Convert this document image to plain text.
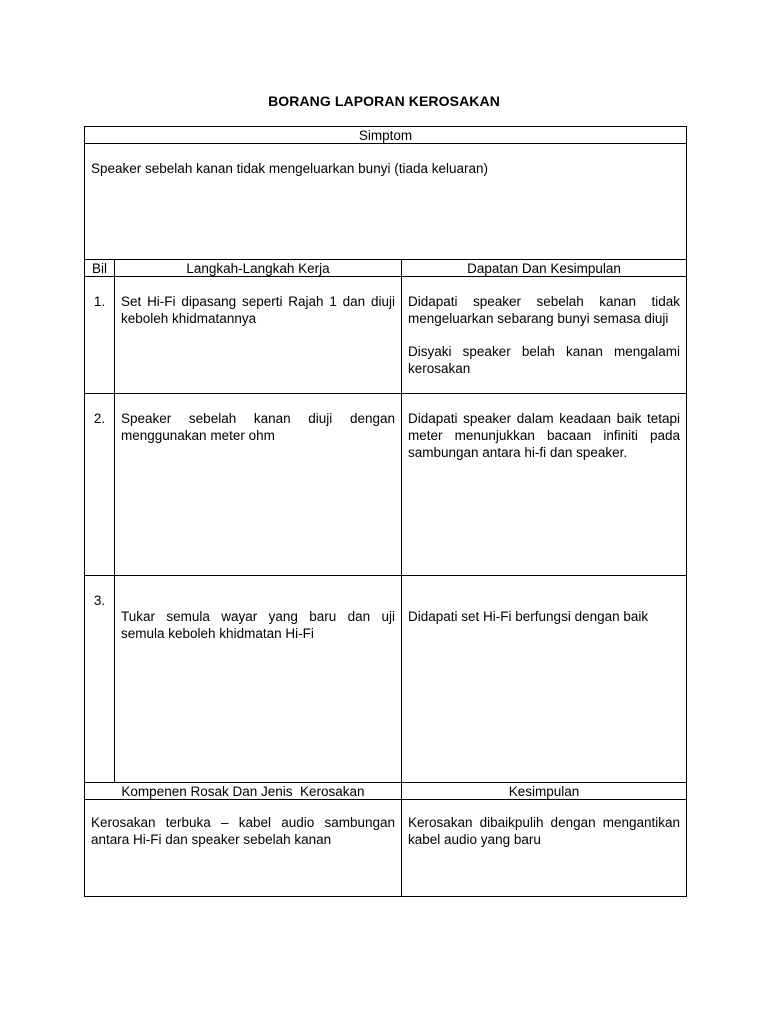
BORANG LAPORAN KEROSAKAN
Simptom		
Speaker sebelah kanan tidak mengeluarkan bunyi (tiada keluaran)		
Bil	Langkah-Langkah Kerja	Dapatan Dan Kesimpulan
1.	Set Hi-Fi dipasang seperti Rajah 1 dan diuji keboleh khidmatannya	Didapati speaker sebelah kanan tidak mengeluarkan sebarang bunyi semasa diuji

Disyaki speaker belah kanan mengalami kerosakan

2.	Speaker sebelah kanan diuji dengan menggunakan meter ohm	Didapati speaker dalam keadaan baik tetapi meter menunjukkan bacaan infiniti pada sambungan antara hi-fi dan speaker.

3.	Tukar semula wayar yang baru dan uji semula keboleh khidmatan Hi-Fi	Didapati set Hi-Fi berfungsi dengan baik

Kompenen Rosak Dan Jenis  Kerosakan		Kesimpulan
Kerosakan terbuka – kabel audio sambungan antara Hi-Fi dan speaker sebelah kanan		Kerosakan dibaikpulih dengan mengantikan kabel audio yang baru
